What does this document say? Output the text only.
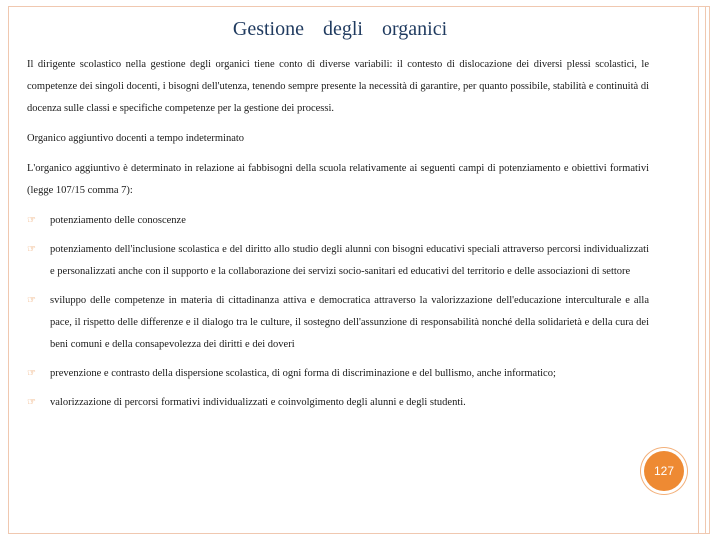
Gestione degli organici

Il dirigente scolastico nella gestione degli organici tiene conto di diverse variabili: il contesto di dislocazione dei diversi plessi scolastici, le competenze dei singoli docenti, i bisogni dell'utenza, tenendo sempre presente la necessità di garantire, per quanto possibile, stabilità e continuità di docenza sulle classi e specifiche competenze per la gestione dei processi.

Organico aggiuntivo docenti a tempo indeterminato

L'organico aggiuntivo è determinato in relazione ai fabbisogni della scuola relativamente ai seguenti campi di potenziamento e obiettivi formativi (legge 107/15 comma 7):

☞ potenziamento delle conoscenze
☞ potenziamento dell'inclusione scolastica e del diritto allo studio degli alunni con bisogni educativi speciali attraverso percorsi individualizzati e personalizzati anche con il supporto e la collaborazione dei servizi socio-sanitari ed educativi del territorio e delle associazioni di settore
☞ sviluppo delle competenze in materia di cittadinanza attiva e democratica attraverso la valorizzazione dell'educazione interculturale e alla pace, il rispetto delle differenze e il dialogo tra le culture, il sostegno dell'assunzione di responsabilità nonché della solidarietà e della cura dei beni comuni e della consapevolezza dei diritti e dei doveri
☞ prevenzione e contrasto della dispersione scolastica, di ogni forma di discriminazione e del bullismo, anche informatico;
☞ valorizzazione di percorsi formativi individualizzati e coinvolgimento degli alunni e degli studenti.
127
